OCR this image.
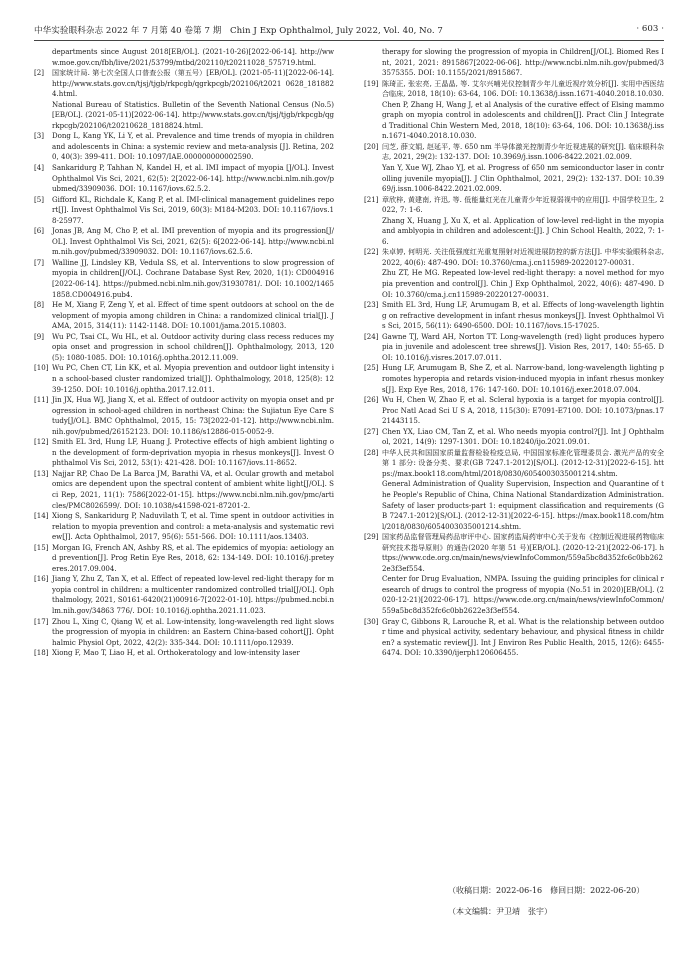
中华实验眼科杂志 2022 年 7 月第 40 卷第 7 期　Chin J Exp Ophthalmol, July 2022, Vol. 40, No. 7	· 603 ·
departments since August 2018[EB/OL]. (2021-10-26)[2022-06-14]. http://www.moe.gov.cn/fbh/live/2021/53799/mtbd/202110/t20211028_575719.html.
[2] 国家统计局. 第七次全国人口普查公报（第五号）[EB/OL]. (2021-05-11)[2022-06-14]. http://www.stats.gov.cn/tjsj/tjgb/rkpcgb/qgrkpcgb/202106/t2021 0628_1818824.html.
National Bureau of Statistics. Bulletin of the Seventh National Census (No.5)[EB/OL]. (2021-05-11)[2022-06-14]. http://www.stats.gov.cn/tjsj/tjgb/rkpcgb/qgrkpcgb/202106/t20210628_1818824.html.
[3] Dong L, Kang YK, Li Y, et al. Prevalence and time trends of myopia in children and adolescents in China: a systemic review and meta-analysis [J]. Retina, 2020, 40(3): 399-411. DOI: 10.1097/IAE.000000000002590.
[4] Sankaridurg P, Tahhan N, Kandel H, et al. IMI impact of myopia [J/OL]. Invest Ophthalmol Vis Sci, 2021, 62(5): 2[2022-06-14]. http://www.ncbi.nlm.nih.gov/pubmed/33909036. DOI: 10.1167/iovs.62.5.2.
[5] Gifford KL, Richdale K, Kang P, et al. IMI-clinical management guidelines report[J]. Invest Ophthalmol Vis Sci, 2019, 60(3): M184-M203. DOI: 10.1167/iovs.18-25977.
[6] Jonas JB, Ang M, Cho P, et al. IMI prevention of myopia and its progression[J/OL]. Invest Ophthalmol Vis Sci, 2021, 62(5): 6[2022-06-14]. http://www.ncbi.nlm.nih.gov/pubmed/33909032. DOI: 10.1167/iovs.62.5.6.
[7] Walline JJ, Lindsley KB, Vedula SS, et al. Interventions to slow progression of myopia in children[J/OL]. Cochrane Database Syst Rev, 2020, 1(1): CD004916[2022-06-14]. https://pubmed.ncbi.nlm.nih.gov/31930781/. DOI: 10.1002/14651858.CD004916.pub4.
[8] He M, Xiang F, Zeng Y, et al. Effect of time spent outdoors at school on the development of myopia among children in China: a randomized clinical trial[J]. JAMA, 2015, 314(11): 1142-1148. DOI: 10.1001/jama.2015.10803.
[9] Wu PC, Tsai CL, Wu HL, et al. Outdoor activity during class recess reduces myopia onset and progression in school children[J]. Ophthalmology, 2013, 120(5): 1080-1085. DOI: 10.1016/j.ophtha.2012.11.009.
[10] Wu PC, Chen CT, Lin KK, et al. Myopia prevention and outdoor light intensity in a school-based cluster randomized trial[J]. Ophthalmology, 2018, 125(8): 1239-1250. DOI: 10.1016/j.ophtha.2017.12.011.
[11] Jin JX, Hua WJ, Jiang X, et al. Effect of outdoor activity on myopia onset and progression in school-aged children in northeast China: the Sujiatun Eye Care Study[J/OL]. BMC Ophthalmol, 2015, 15: 73[2022-01-12]. http://www.ncbi.nlm.nih.gov/pubmed/26152123. DOI: 10.1186/s12886-015-0052-9.
[12] Smith EL 3rd, Hung LF, Huang J. Protective effects of high ambient lighting on the development of form-deprivation myopia in rhesus monkeys[J]. Invest Ophthalmol Vis Sci, 2012, 53(1): 421-428. DOI: 10.1167/iovs.11-8652.
[13] Najjar RP, Chao De La Barca JM, Barathi VA, et al. Ocular growth and metabolomics are dependent upon the spectral content of ambient white light[J/OL]. Sci Rep, 2021, 11(1): 7586[2022-01-15]. https://www.ncbi.nlm.nih.gov/pmc/articles/PMC8026599/. DOI: 10.1038/s41598-021-87201-2.
[14] Xiong S, Sankaridurg P, Naduvilath T, et al. Time spent in outdoor activities in relation to myopia prevention and control: a meta-analysis and systematic review[J]. Acta Ophthalmol, 2017, 95(6): 551-566. DOI: 10.1111/aos.13403.
[15] Morgan IG, French AN, Ashby RS, et al. The epidemics of myopia: aetiology and prevention[J]. Prog Retin Eye Res, 2018, 62: 134-149. DOI: 10.1016/j.preteyeres.2017.09.004.
[16] Jiang Y, Zhu Z, Tan X, et al. Effect of repeated low-level red-light therapy for myopia control in children: a multicenter randomized controlled trial[J/OL]. Ophthalmology, 2021, S0161-6420(21)00916-7[2022-01-10]. https://pubmed.ncbi.nlm.nih.gov/34863 776/. DOI: 10.1016/j.ophtha.2021.11.023.
[17] Zhou L, Xing C, Qiang W, et al. Low-intensity, long-wavelength red light slows the progression of myopia in children: an Eastern China-based cohort[J]. Ophthalmic Physiol Opt, 2022, 42(2): 335-344. DOI: 10.1111/opo.12939.
[18] Xiong F, Mao T, Liao H, et al. Orthokeratology and low-intensity laser
therapy for slowing the progression of myopia in Children[J/OL]. Biomed Res Int, 2021, 2021: 8915867[2022-06-06]. http://www.ncbi.nlm.nih.gov/pubmed/33575355. DOI: 10.1155/2021/8915867.
[19] 陈琦正, 张宏亮, 王晶晶, 等. 艾尔兴哺光仪控制青少年儿童近视疗效分析[J]. 实用中西医结合临床, 2018, 18(10): 63-64, 106. DOI: 10.13638/j.issn.1671-4040.2018.10.030.
Chen P, Zhang H, Wang J, et al Analysis of the curative effect of Elsing mammograph on myopia control in adolescents and children[J]. Pract Clin J Integrated Traditional Chin Western Med, 2018, 18(10): 63-64, 106. DOI: 10.13638/j.issn.1671-4040.2018.10.030.
[20] 闫芝, 薛文娟, 赵延平, 等. 650 nm 半导体激光控制青少年近视进展的研究[J]. 临床眼科杂志, 2021, 29(2): 132-137. DOI: 10.3969/j.issn.1006-8422.2021.02.009.
Yan Y, Xue WJ, Zhao YJ, et al. Progress of 650 nm semiconductor laser in controlling juvenile myopia[J]. J Clin Ophthalmol, 2021, 29(2): 132-137. DOI: 10.3969/j.issn.1006-8422.2021.02.009.
[21] 章欣梓, 黄建南, 许迅, 等. 低能量红光在儿童青少年近视弱视中的应用[J]. 中国学校卫生, 2022, 7: 1-6.
Zhang X, Huang J, Xu X, et al. Application of low-level red-light in the myopia and amblyopia in children and adolescent:[J]. J Chin School Health, 2022, 7: 1-6.
[22] 朱卓婷, 何明光. 关注低强度红光重复照射对近视进展防控的新方法[J]. 中华实验眼科杂志, 2022, 40(6): 487-490. DOI: 10.3760/cma.j.cn115989-20220127-00031.
Zhu ZT, He MG. Repeated low-level red-light therapy: a novel method for myopia prevention and control[J]. Chin J Exp Ophthalmol, 2022, 40(6): 487-490. DOI: 10.3760/cma.j.cn115989-20220127-00031.
[23] Smith EL 3rd, Hung LF, Arumugam B, et al. Effects of long-wavelength lighting on refractive development in infant rhesus monkeys[J]. Invest Ophthalmol Vis Sci, 2015, 56(11): 6490-6500. DOI: 10.1167/iovs.15-17025.
[24] Gawne TJ, Ward AH, Norton TT. Long-wavelength (red) light produces hyperopia in juvenile and adolescent tree shrews[J]. Vision Res, 2017, 140: 55-65. DOI: 10.1016/j.visres.2017.07.011.
[25] Hung LF, Arumugam B, She Z, et al. Narrow-band, long-wavelength lighting promotes hyperopia and retards vision-induced myopia in infant rhesus monkeys[J]. Exp Eye Res, 2018, 176: 147-160. DOI: 10.1016/j.exer.2018.07.004.
[26] Wu H, Chen W, Zhao F, et al. Scleral hypoxia is a target for myopia control[J]. Proc Natl Acad Sci U S A, 2018, 115(30): E7091-E7100. DOI: 10.1073/pnas.1721443115.
[27] Chen YX, Liao CM, Tan Z, et al. Who needs myopia control?[J]. Int J Ophthalmol, 2021, 14(9): 1297-1301. DOI: 10.18240/ijo.2021.09.01.
[28] 中华人民共和国国家质量监督检验检疫总局, 中国国家标准化管理委员会. 激光产品的安全第 1 部分: 设备分类、要求(GB 7247.1-2012)[S/OL]. (2012-12-31)[2022-6-15]. https://max.book118.com/html/2018/0830/6054003035001214.shtm.
General Administration of Quality Supervision, Inspection and Quarantine of the People's Republic of China, China National Standardization Administration. Safety of laser products-part 1: equipment classification and requirements (GB 7247.1-2012)[S/OL]. (2012-12-31)[2022-6-15]. https://max.book118.com/html/2018/0830/6054003035001214.shtm.
[29] 国家药品监督管理局药品审评中心. 国家药监局药审中心关于发布《控制近视进展药物临床研究技术指导原则》的通告(2020 年第 51 号)[EB/OL]. (2020-12-21)[2022-06-17]. https://www.cde.org.cn/main/news/viewInfoCommon/559a5bc8d352fc6c0bb2622e3f3ef554.
Center for Drug Evaluation, NMPA. Issuing the guiding principles for clinical research of drugs to control the progress of myopia (No.51 in 2020)[EB/OL]. (2020-12-21)[2022-06-17]. https://www.cde.org.cn/main/news/viewInfoCommon/559a5bc8d352fc6c0bb2622e3f3ef554.
[30] Gray C, Gibbons R, Larouche R, et al. What is the relationship between outdoor time and physical activity, sedentary behaviour, and physical fitness in children? a systematic review[J]. Int J Environ Res Public Health, 2015, 12(6): 6455-6474. DOI: 10.3390/ijerph120606455.
（收稿日期：2022-06-16　修回日期：2022-06-20）
（本文编辑：尹卫靖　张宇）
